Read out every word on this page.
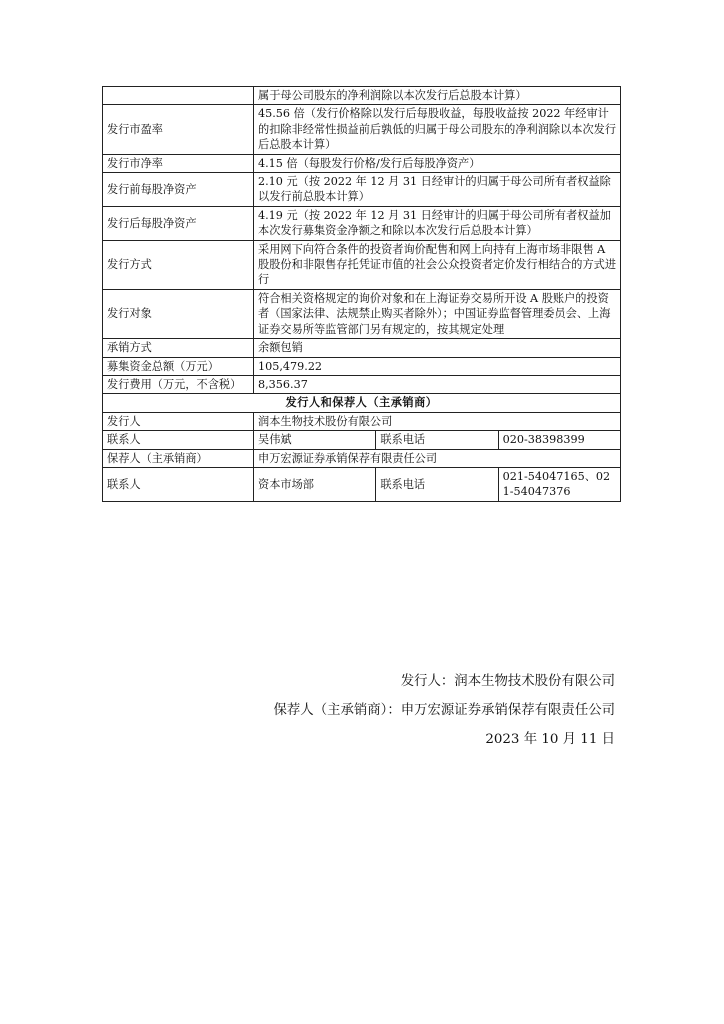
	属于母公司股东的净利润除以本次发行后总股本计算）		
发行市盈率	45.56 倍（发行价格除以发行后每股收益，每股收益按 2022 年经审计的扣除非经常性损益前后孰低的归属于母公司股东的净利润除以本次发行后总股本计算）		
发行市净率	4.15 倍（每股发行价格/发行后每股净资产）		
发行前每股净资产	2.10 元（按 2022 年 12 月 31 日经审计的归属于母公司所有者权益除以发行前总股本计算）		
发行后每股净资产	4.19 元（按 2022 年 12 月 31 日经审计的归属于母公司所有者权益加本次发行募集资金净额之和除以本次发行后总股本计算）		
发行方式	采用网下向符合条件的投资者询价配售和网上向持有上海市场非限售 A 股股份和非限售存托凭证市值的社会公众投资者定价发行相结合的方式进行		
发行对象	符合相关资格规定的询价对象和在上海证券交易所开设 A 股账户的投资者（国家法律、法规禁止购买者除外）；中国证券监督管理委员会、上海证券交易所等监管部门另有规定的，按其规定处理		
承销方式	余额包销		
募集资金总额（万元）	105,479.22		
发行费用（万元，不含税）	8,356.37		
发行人和保荐人（主承销商）			
发行人	润本生物技术股份有限公司		
联系人	吴伟斌	联系电话	020-38398399
保荐人（主承销商）	申万宏源证券承销保荐有限责任公司		
联系人	资本市场部	联系电话	021-54047165、021-54047376
发行人：润本生物技术股份有限公司
保荐人（主承销商）：申万宏源证券承销保荐有限责任公司
2023 年 10 月 11 日
